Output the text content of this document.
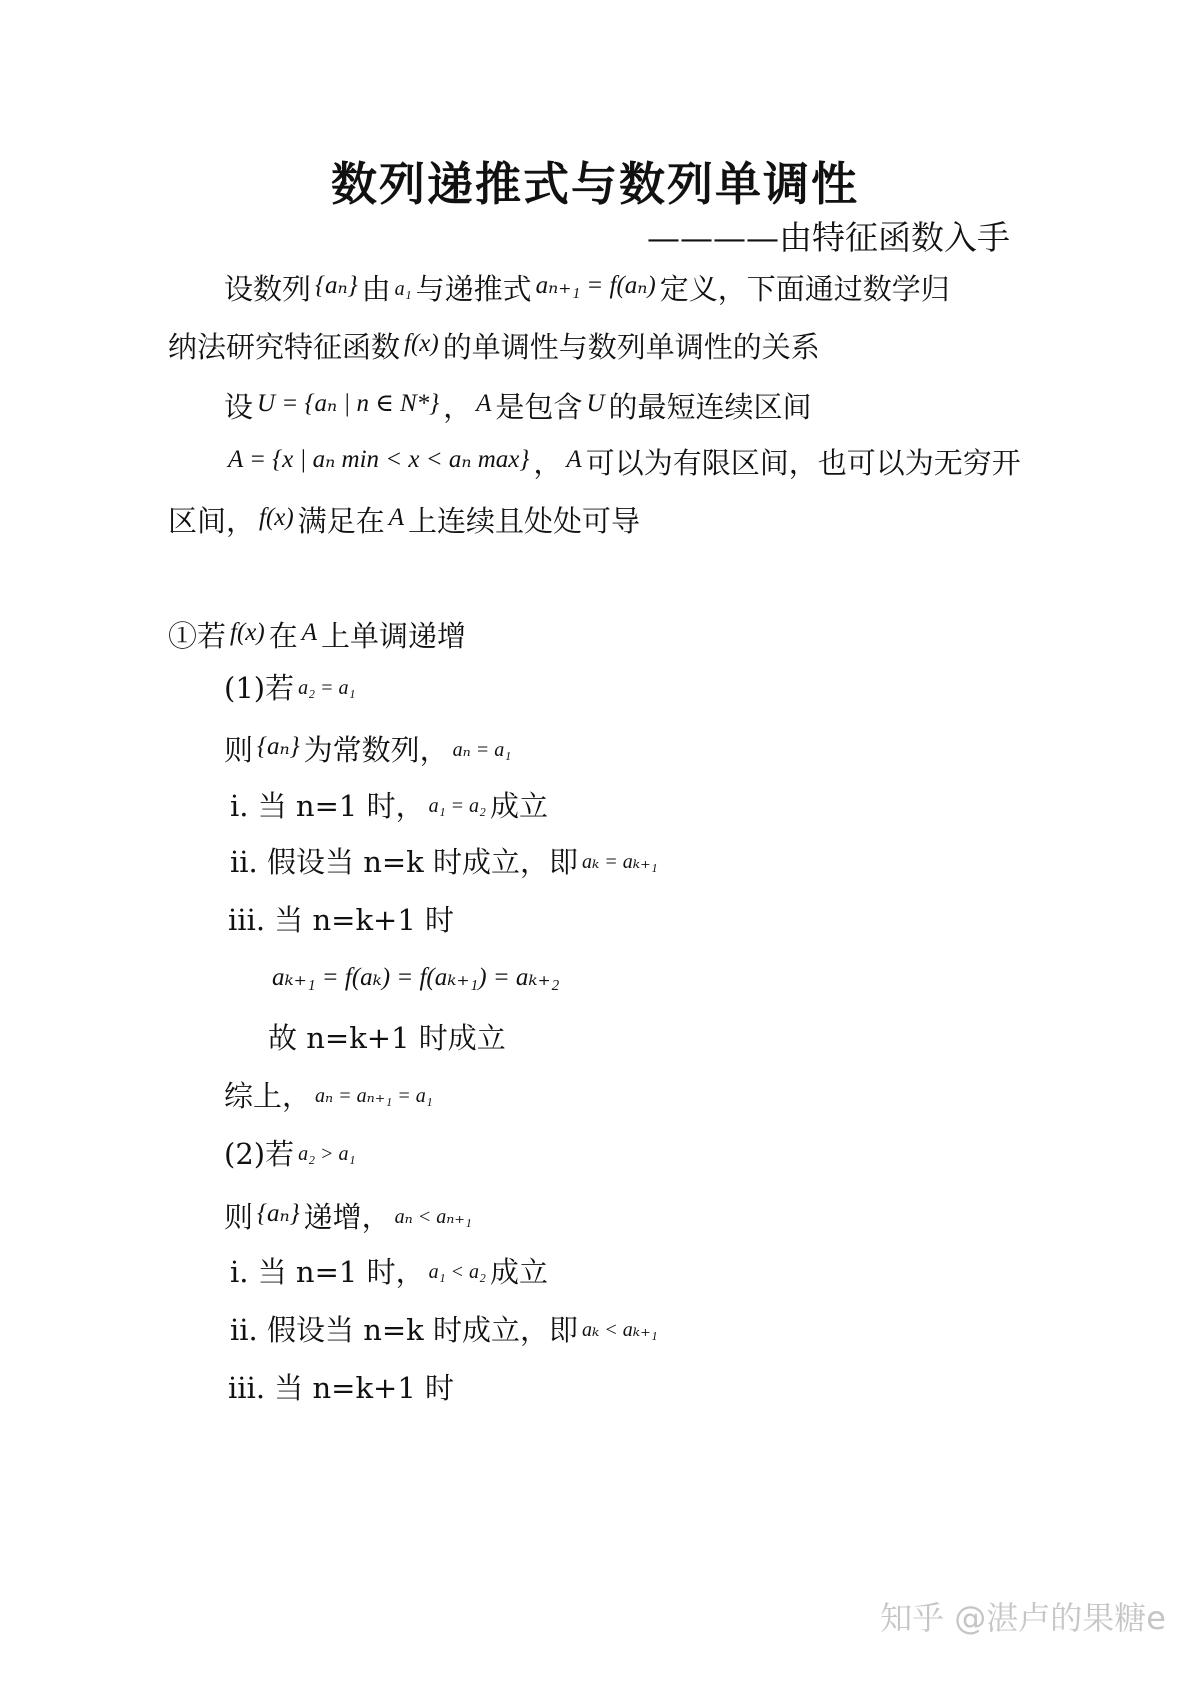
数列递推式与数列单调性
————由特征函数入手
设数列 {aₙ} 由 a₁ 与递推式 aₙ₊₁ = f(aₙ) 定义，下面通过数学归
纳法研究特征函数 f(x) 的单调性与数列单调性的关系
设 U = {aₙ | n ∈ N*} ， A 是包含 U 的最短连续区间
A = {x | aₙ min < x < aₙ max} ， A 可以为有限区间，也可以为无穷开
区间， f(x) 满足在 A 上连续且处处可导
①若 f(x) 在 A 上单调递增
(1)若 a₂ = a₁
则 {aₙ} 为常数列， aₙ = a₁
ⅰ. 当 n=1 时， a₁ = a₂ 成立
ⅱ. 假设当 n=k 时成立，即 aₖ = aₖ₊₁
ⅲ. 当 n=k+1 时
aₖ₊₁ = f(aₖ) = f(aₖ₊₁) = aₖ₊₂
故 n=k+1 时成立
综上， aₙ = aₙ₊₁ = a₁
(2)若 a₂ > a₁
则 {aₙ} 递增， aₙ < aₙ₊₁
ⅰ. 当 n=1 时， a₁ < a₂ 成立
ⅱ. 假设当 n=k 时成立，即 aₖ < aₖ₊₁
ⅲ. 当 n=k+1 时
知乎 @湛卢的果糖e
